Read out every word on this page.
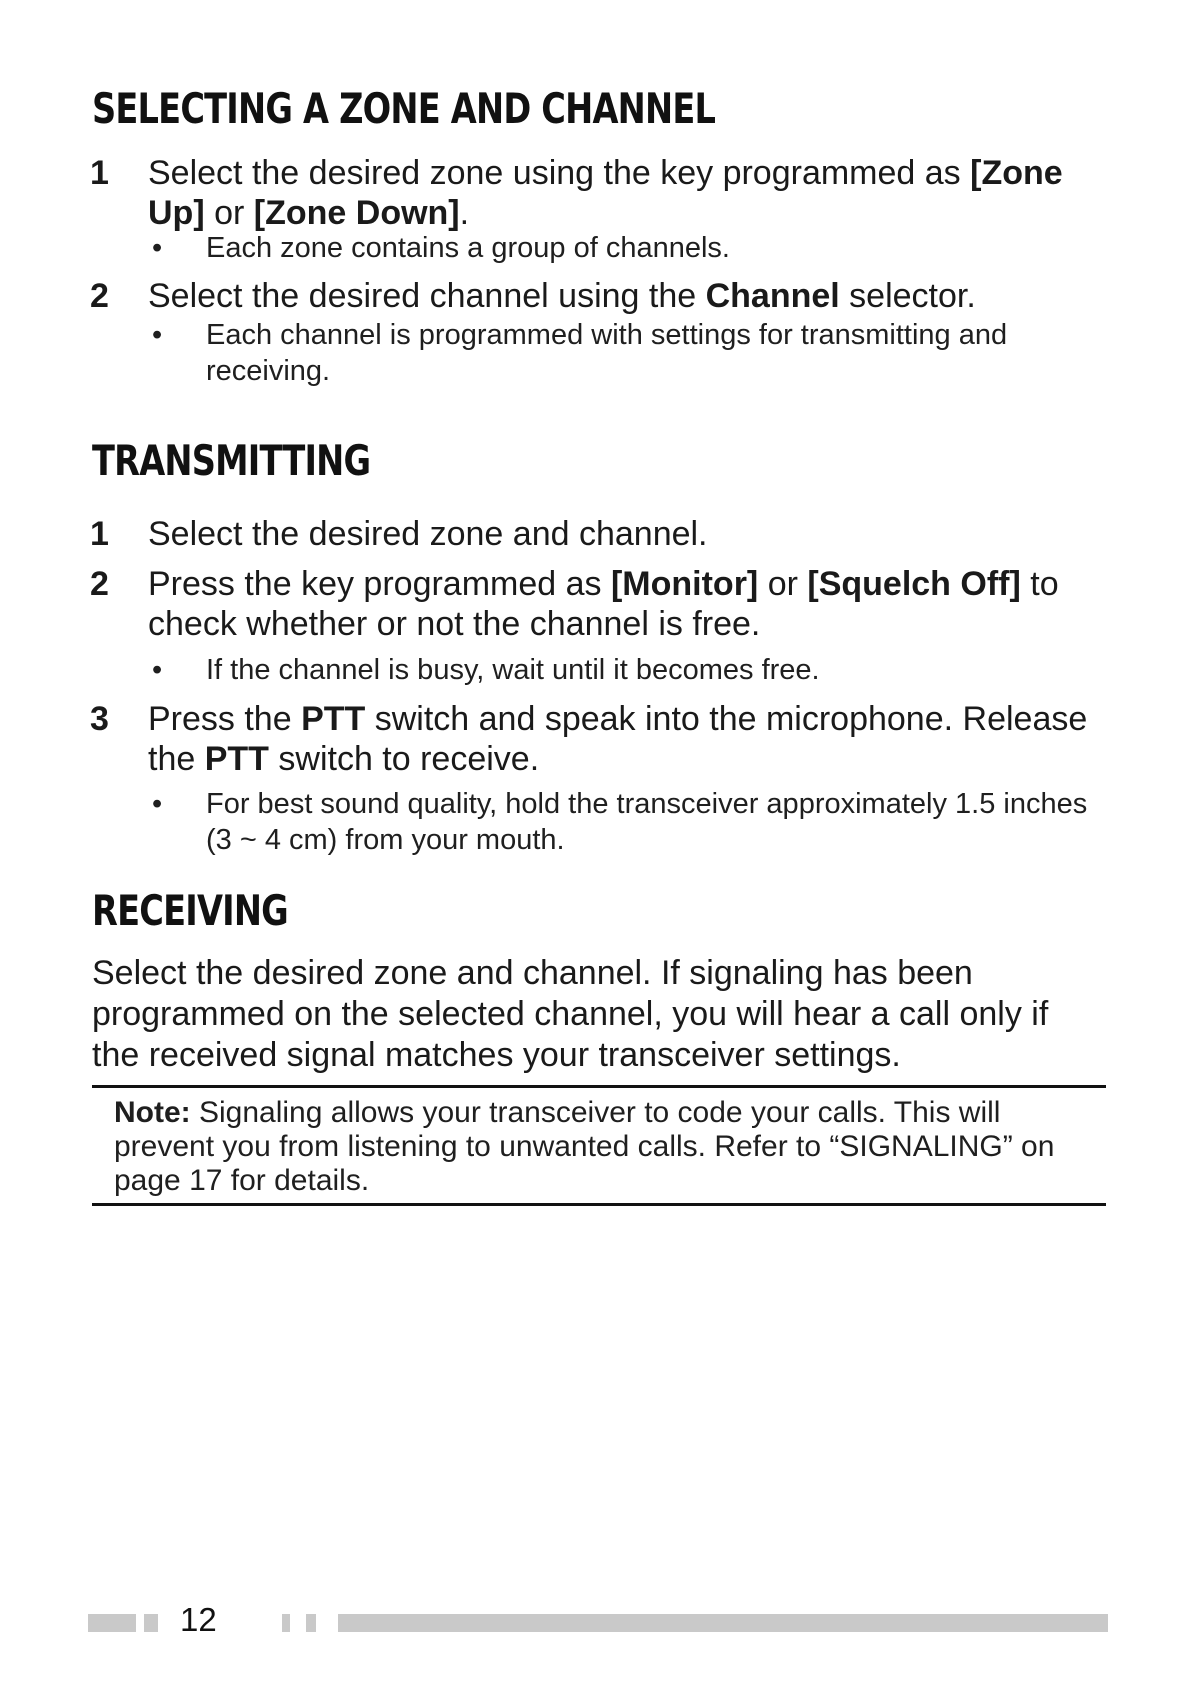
SELECTING A ZONE AND CHANNEL
1 Select the desired zone using the key programmed as [Zone Up] or [Zone Down].
• Each zone contains a group of channels.
2 Select the desired channel using the Channel selector.
• Each channel is programmed with settings for transmitting and receiving.
TRANSMITTING
1 Select the desired zone and channel.
2 Press the key programmed as [Monitor] or [Squelch Off] to check whether or not the channel is free.
• If the channel is busy, wait until it becomes free.
3 Press the PTT switch and speak into the microphone. Release the PTT switch to receive.
• For best sound quality, hold the transceiver approximately 1.5 inches (3 ~ 4 cm) from your mouth.
RECEIVING

Select the desired zone and channel. If signaling has been programmed on the selected channel, you will hear a call only if the received signal matches your transceiver settings.

Note: Signaling allows your transceiver to code your calls. This will prevent you from listening to unwanted calls. Refer to “SIGNALING” on page 17 for details.

12
